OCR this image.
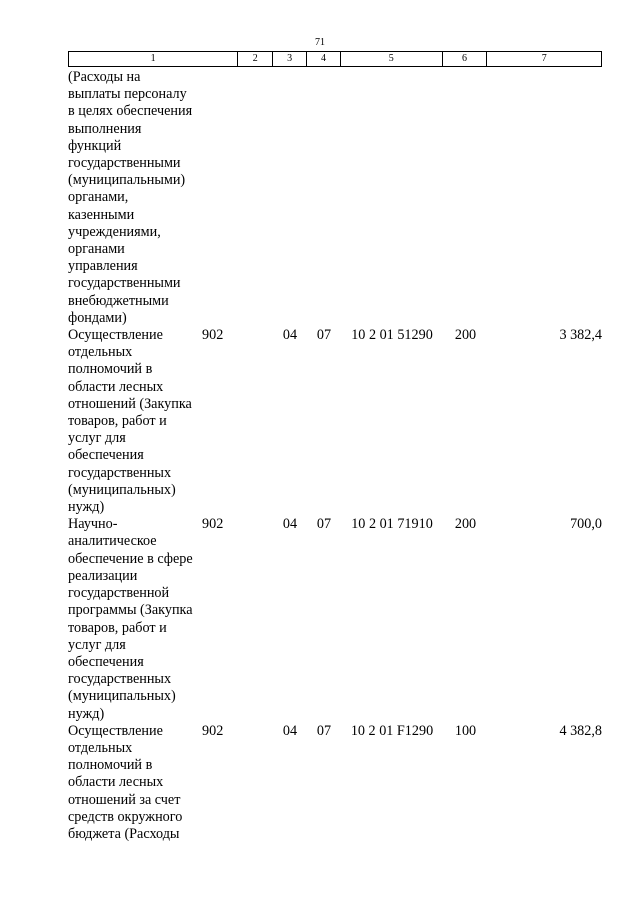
71
1	2	3	4	5	6	7
(Расходы на
выплаты персоналу
в целях обеспечения
выполнения
функций
государственными
(муниципальными)
органами,
казенными
учреждениями,
органами
управления
государственными
внебюджетными
фондами)
Осуществление
отдельных
полномочий в
области лесных
отношений (Закупка
товаров, работ и
услуг для
обеспечения
государственных
(муниципальных)
нужд)
902	04	07	10 2 01 51290	200	3 382,4
Научно-
аналитическое
обеспечение в сфере
реализации
государственной
программы (Закупка
товаров, работ и
услуг для
обеспечения
государственных
(муниципальных)
нужд)
902	04	07	10 2 01 71910	200	700,0
Осуществление
отдельных
полномочий в
области лесных
отношений за счет
средств окружного
бюджета (Расходы
902	04	07	10 2 01 F1290	100	4 382,8
